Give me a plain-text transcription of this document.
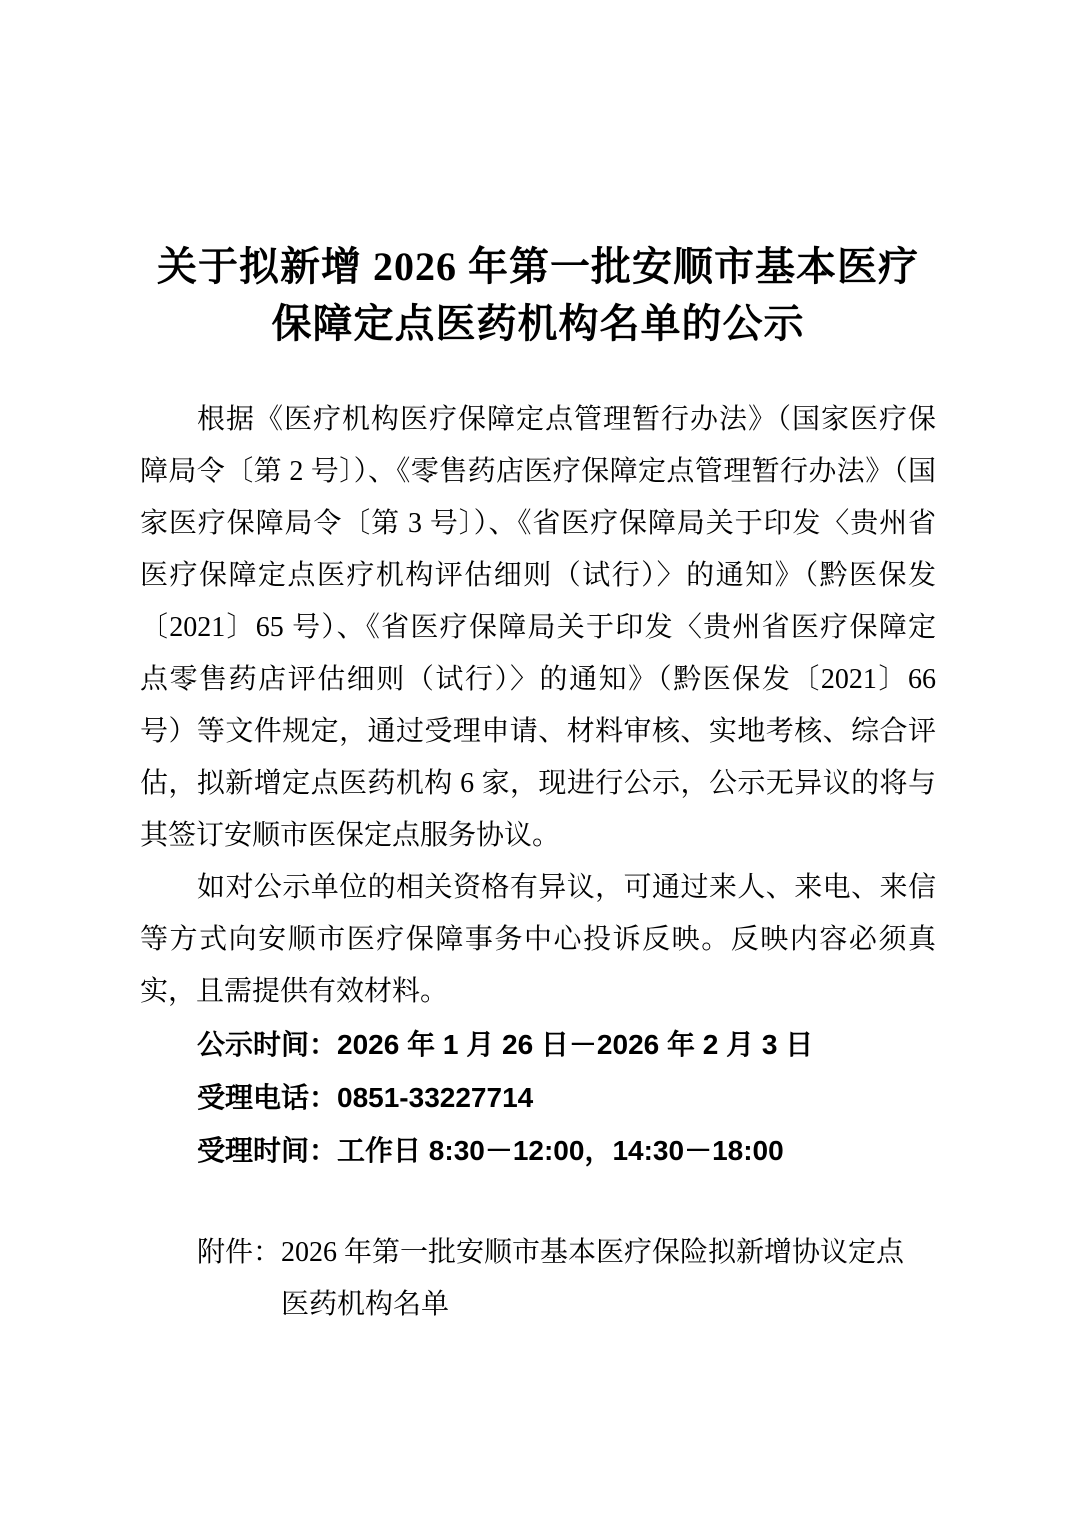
关于拟新增 2026 年第一批安顺市基本医疗
保障定点医药机构名单的公示
根据《医疗机构医疗保障定点管理暂行办法》（国家医疗保
障局令〔第 2 号〕）、《零售药店医疗保障定点管理暂行办法》（国
家医疗保障局令〔第 3 号〕）、《省医疗保障局关于印发〈贵州省
医疗保障定点医疗机构评估细则（试行）〉的通知》（黔医保发
〔2021〕65 号）、《省医疗保障局关于印发〈贵州省医疗保障定
点零售药店评估细则（试行）〉的通知》（黔医保发〔2021〕66
号）等文件规定，通过受理申请、材料审核、实地考核、综合评
估，拟新增定点医药机构 6 家，现进行公示，公示无异议的将与
其签订安顺市医保定点服务协议。
如对公示单位的相关资格有异议，可通过来人、来电、来信
等方式向安顺市医疗保障事务中心投诉反映。反映内容必须真
实，且需提供有效材料。
公示时间：2026 年 1 月 26 日－2026 年 2 月 3 日
受理电话：0851-33227714
受理时间：工作日 8:30－12:00，14:30－18:00
附件： 2026 年第一批安顺市基本医疗保险拟新增协议定点
医药机构名单
